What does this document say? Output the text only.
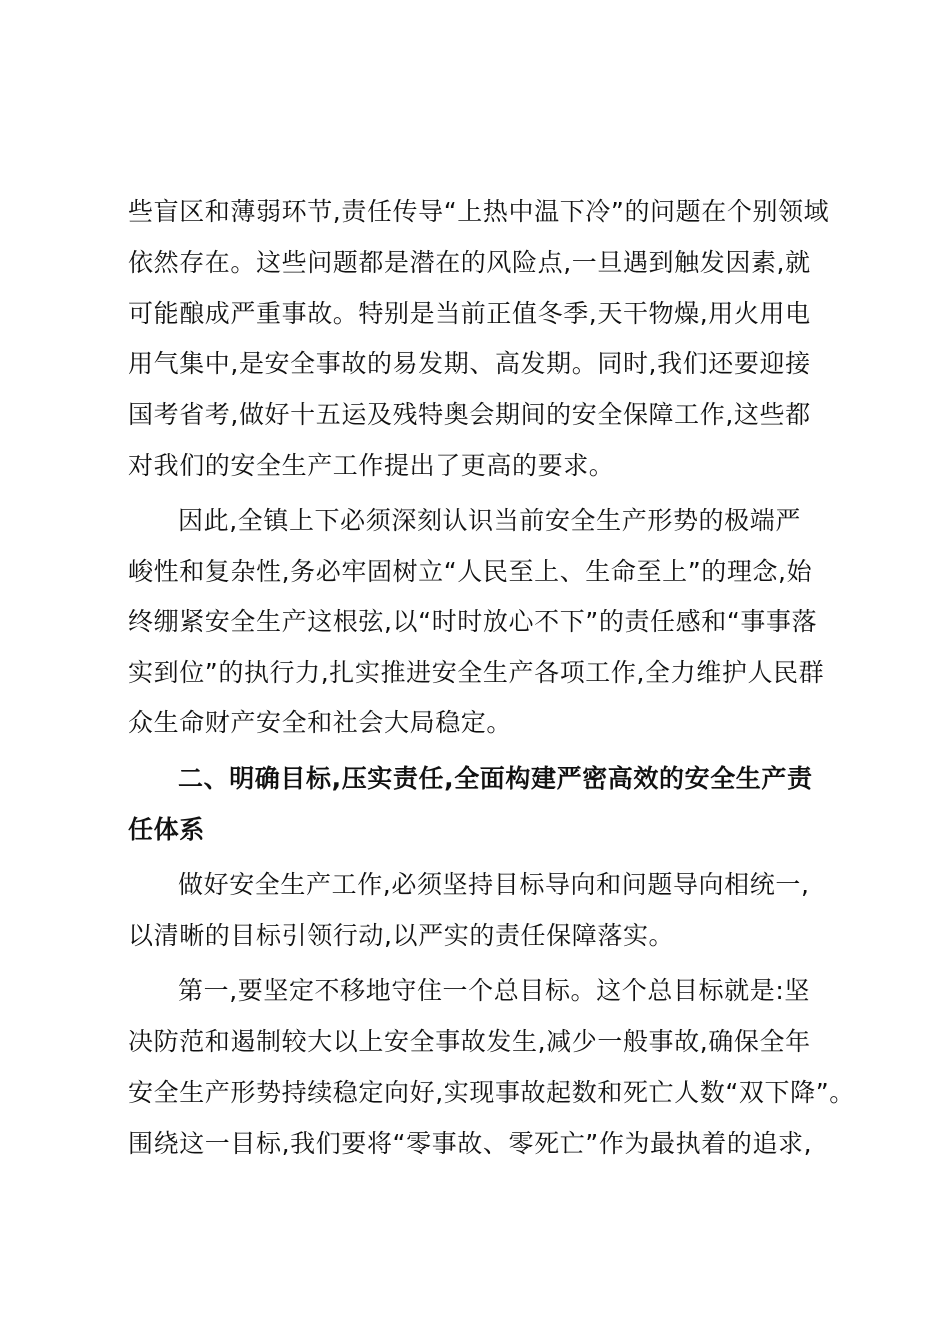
些盲区和薄弱环节,责任传导“上热中温下冷”的问题在个别领域
依然存在。这些问题都是潜在的风险点,一旦遇到触发因素,就
可能酿成严重事故。特别是当前正值冬季,天干物燥,用火用电
用气集中,是安全事故的易发期、高发期。同时,我们还要迎接
国考省考,做好十五运及残特奥会期间的安全保障工作,这些都
对我们的安全生产工作提出了更高的要求。
因此,全镇上下必须深刻认识当前安全生产形势的极端严
峻性和复杂性,务必牢固树立“人民至上、生命至上”的理念,始
终绷紧安全生产这根弦,以“时时放心不下”的责任感和“事事落
实到位”的执行力,扎实推进安全生产各项工作,全力维护人民群
众生命财产安全和社会大局稳定。
二、明确目标,压实责任,全面构建严密高效的安全生产责
任体系
做好安全生产工作,必须坚持目标导向和问题导向相统一,
以清晰的目标引领行动,以严实的责任保障落实。
第一,要坚定不移地守住一个总目标。这个总目标就是:坚
决防范和遏制较大以上安全事故发生,减少一般事故,确保全年
安全生产形势持续稳定向好,实现事故起数和死亡人数“双下降”。
围绕这一目标,我们要将“零事故、零死亡”作为最执着的追求,
